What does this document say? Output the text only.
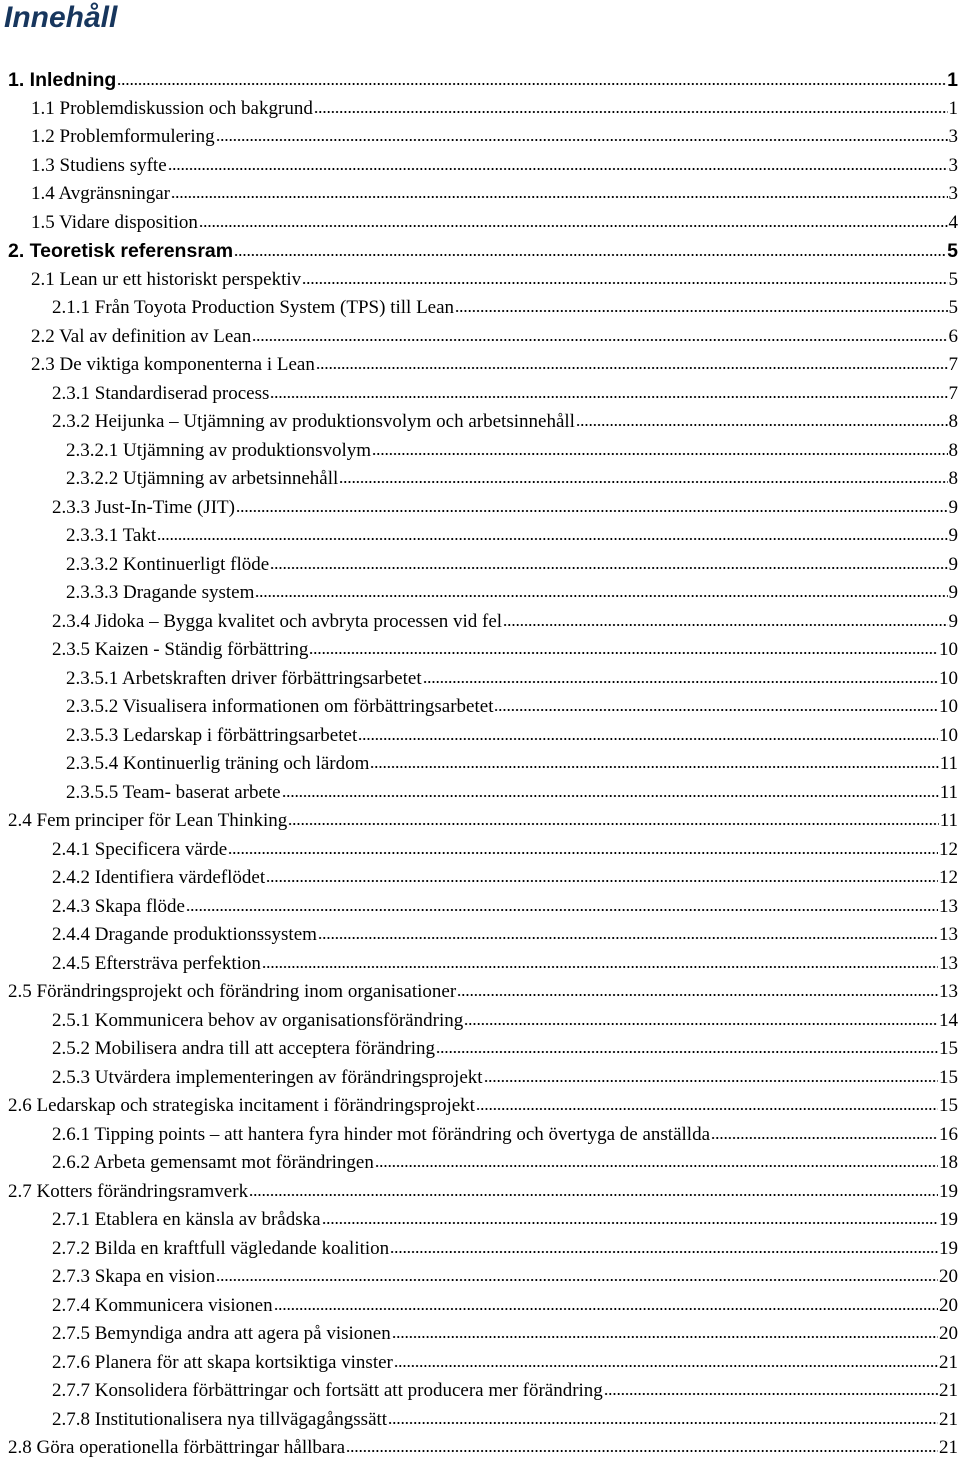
Innehåll
1. Inledning	1
1.1 Problemdiskussion och bakgrund	1
1.2 Problemformulering	3
1.3 Studiens syfte	3
1.4 Avgränsningar	3
1.5 Vidare disposition	4
2. Teoretisk referensram	5
2.1 Lean ur ett historiskt perspektiv	5
2.1.1 Från Toyota Production System (TPS) till Lean	5
2.2 Val av definition av Lean	6
2.3 De viktiga komponenterna i Lean	7
2.3.1 Standardiserad process	7
2.3.2 Heijunka – Utjämning av produktionsvolym och arbetsinnehåll	8
2.3.2.1 Utjämning av produktionsvolym	8
2.3.2.2 Utjämning av arbetsinnehåll	8
2.3.3 Just-In-Time (JIT)	9
2.3.3.1 Takt	9
2.3.3.2 Kontinuerligt flöde	9
2.3.3.3 Dragande system	9
2.3.4 Jidoka – Bygga kvalitet och avbryta processen vid fel	9
2.3.5 Kaizen - Ständig förbättring	10
2.3.5.1 Arbetskraften driver förbättringsarbetet	10
2.3.5.2 Visualisera informationen om förbättringsarbetet	10
2.3.5.3 Ledarskap i förbättringsarbetet	10
2.3.5.4 Kontinuerlig träning och lärdom	11
2.3.5.5 Team- baserat arbete	11
2.4 Fem principer för Lean Thinking	11
2.4.1 Specificera värde	12
2.4.2 Identifiera värdeflödet	12
2.4.3 Skapa flöde	13
2.4.4 Dragande produktionssystem	13
2.4.5 Eftersträva perfektion	13
2.5 Förändringsprojekt och förändring inom organisationer	13
2.5.1 Kommunicera behov av organisationsförändring	14
2.5.2 Mobilisera andra till att acceptera förändring	15
2.5.3 Utvärdera implementeringen av förändringsprojekt	15
2.6 Ledarskap och strategiska incitament i förändringsprojekt	15
2.6.1 Tipping points – att hantera fyra hinder mot förändring och övertyga de anställda	16
2.6.2 Arbeta gemensamt mot förändringen	18
2.7 Kotters förändringsramverk	19
2.7.1 Etablera en känsla av brådska	19
2.7.2 Bilda en kraftfull vägledande koalition	19
2.7.3 Skapa en vision	20
2.7.4 Kommunicera visionen	20
2.7.5 Bemyndiga andra att agera på visionen	20
2.7.6 Planera för att skapa kortsiktiga vinster	21
2.7.7 Konsolidera förbättringar och fortsätt att producera mer förändring	21
2.7.8 Institutionalisera nya tillvägagångssätt	21
2.8 Göra operationella förbättringar hållbara	21
